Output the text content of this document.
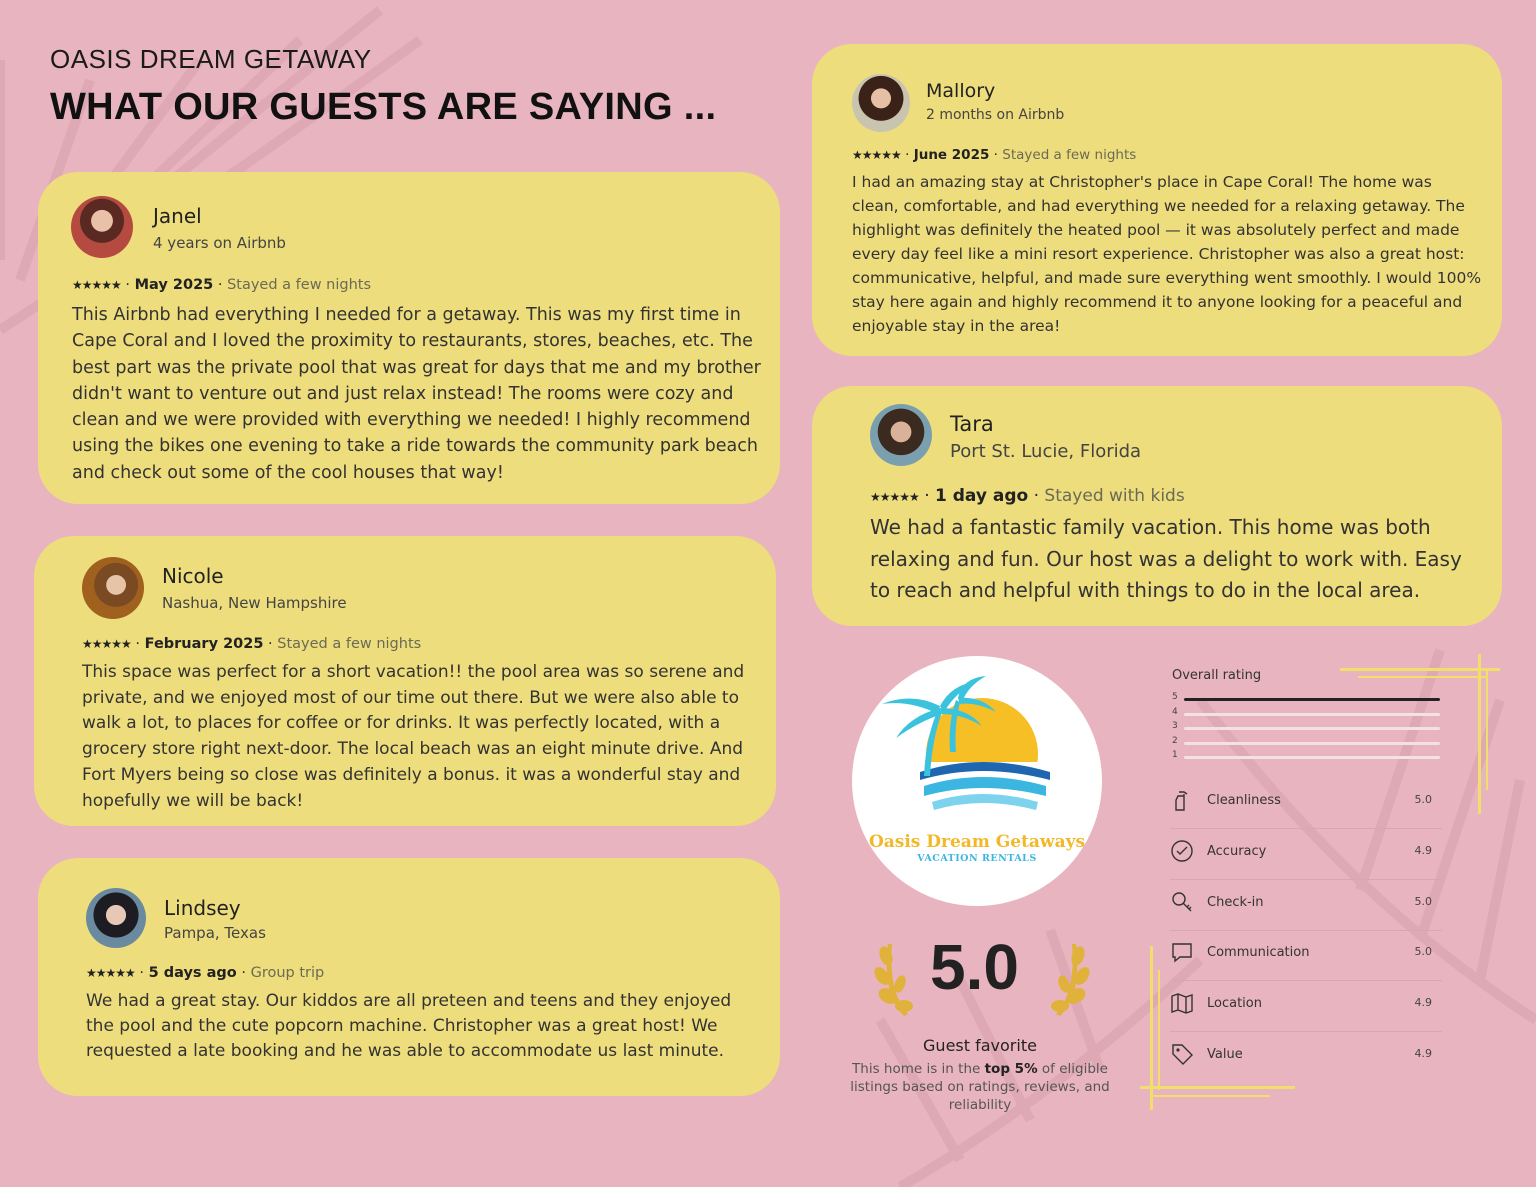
OASIS DREAM GETAWAY
WHAT OUR GUESTS ARE SAYING ...
Janel
4 years on Airbnb
★★★★★ · May 2025 · Stayed a few nights
This Airbnb had everything I needed for a getaway. This was my first time in Cape Coral and I loved the proximity to restaurants, stores, beaches, etc. The best part was the private pool that was great for days that me and my brother didn't want to venture out and just relax instead! The rooms were cozy and clean and we were provided with everything we needed! I highly recommend using the bikes one evening to take a ride towards the community park beach and check out some of the cool houses that way!
Nicole
Nashua, New Hampshire
★★★★★ · February 2025 · Stayed a few nights
This space was perfect for a short vacation!! the pool area was so serene and private, and we enjoyed most of our time out there. But we were also able to walk a lot, to places for coffee or for drinks. It was perfectly located, with a grocery store right next-door. The local beach was an eight minute drive. And Fort Myers being so close was definitely a bonus. it was a wonderful stay and hopefully we will be back!
Lindsey
Pampa, Texas
★★★★★ · 5 days ago · Group trip
We had a great stay. Our kiddos are all preteen and teens and they enjoyed the pool and the cute popcorn machine. Christopher was a great host! We requested a late booking and he was able to accommodate us last minute.
Mallory
2 months on Airbnb
★★★★★ · June 2025 · Stayed a few nights
I had an amazing stay at Christopher's place in Cape Coral! The home was clean, comfortable, and had everything we needed for a relaxing getaway. The highlight was definitely the heated pool — it was absolutely perfect and made every day feel like a mini resort experience. Christopher was also a great host: communicative, helpful, and made sure everything went smoothly. I would 100% stay here again and highly recommend it to anyone looking for a peaceful and enjoyable stay in the area!
Tara
Port St. Lucie, Florida
★★★★★ · 1 day ago · Stayed with kids
We had a fantastic family vacation. This home was both relaxing and fun. Our host was a delight to work with. Easy to reach and helpful with things to do in the local area.
Oasis Dream Getaways
VACATION RENTALS
5.0
Guest favorite
This home is in the top 5% of eligible listings based on ratings, reviews, and reliability
Overall rating
5
4
3
2
1
Cleanliness	5.0
Accuracy	4.9
Check-in	5.0
Communication	5.0
Location	4.9
Value	4.9
